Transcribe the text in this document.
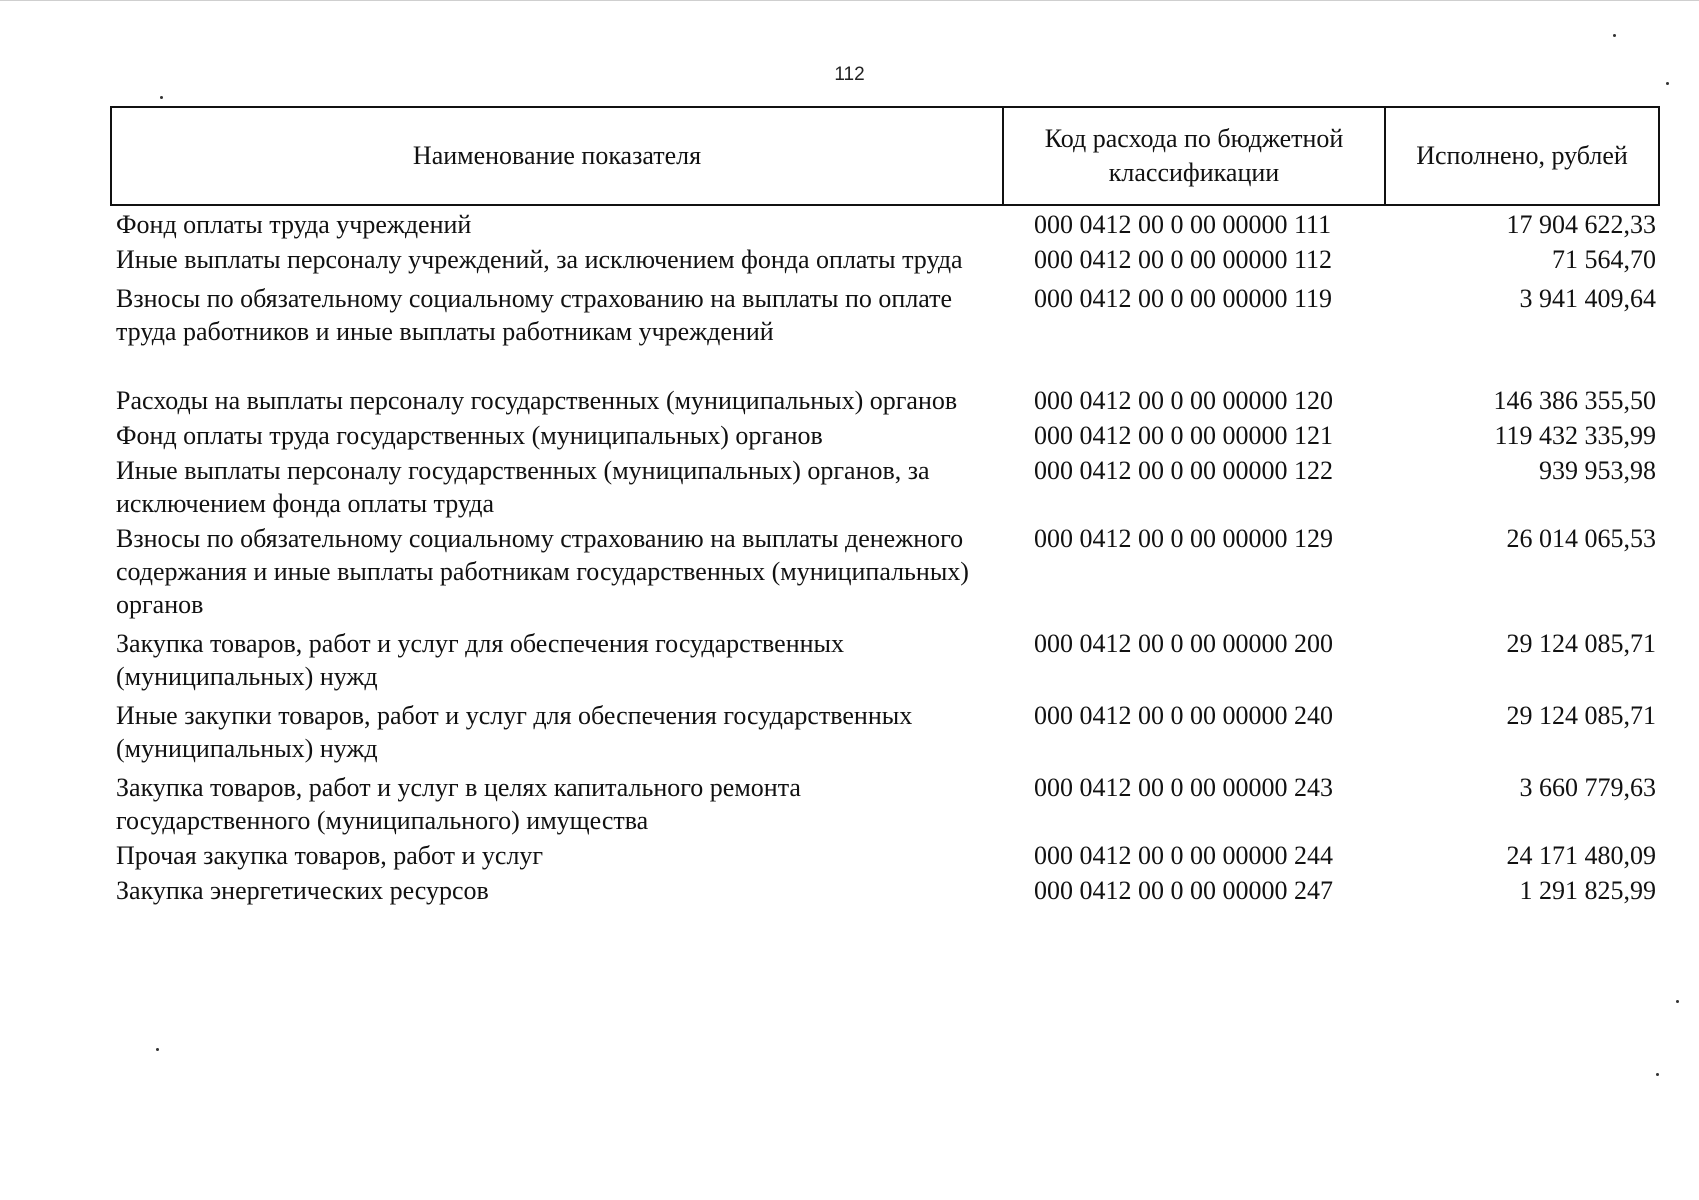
112
Наименование показателя	Код расхода по бюджетной классификации	Исполнено, рублей
Фонд оплаты труда учреждений	000 0412 00 0 00 00000 111	17 904 622,33
Иные выплаты персоналу учреждений, за исключением фонда оплаты труда	000 0412 00 0 00 00000 112	71 564,70
Взносы по обязательному социальному страхованию на выплаты по оплате труда работников и иные выплаты работникам учреждений	000 0412 00 0 00 00000 119	3 941 409,64
Расходы на выплаты персоналу государственных (муниципальных) органов	000 0412 00 0 00 00000 120	146 386 355,50
Фонд оплаты труда государственных (муниципальных) органов	000 0412 00 0 00 00000 121	119 432 335,99
Иные выплаты персоналу государственных (муниципальных) органов, за исключением фонда оплаты труда	000 0412 00 0 00 00000 122	939 953,98
Взносы по обязательному социальному страхованию на выплаты денежного содержания и иные выплаты работникам государственных (муниципальных) органов	000 0412 00 0 00 00000 129	26 014 065,53
Закупка товаров, работ и услуг для обеспечения государственных (муниципальных) нужд	000 0412 00 0 00 00000 200	29 124 085,71
Иные закупки товаров, работ и услуг для обеспечения государственных (муниципальных) нужд	000 0412 00 0 00 00000 240	29 124 085,71
Закупка товаров, работ и услуг в целях капитального ремонта государственного (муниципального) имущества	000 0412 00 0 00 00000 243	3 660 779,63
Прочая закупка товаров, работ и услуг	000 0412 00 0 00 00000 244	24 171 480,09
Закупка энергетических ресурсов	000 0412 00 0 00 00000 247	1 291 825,99
